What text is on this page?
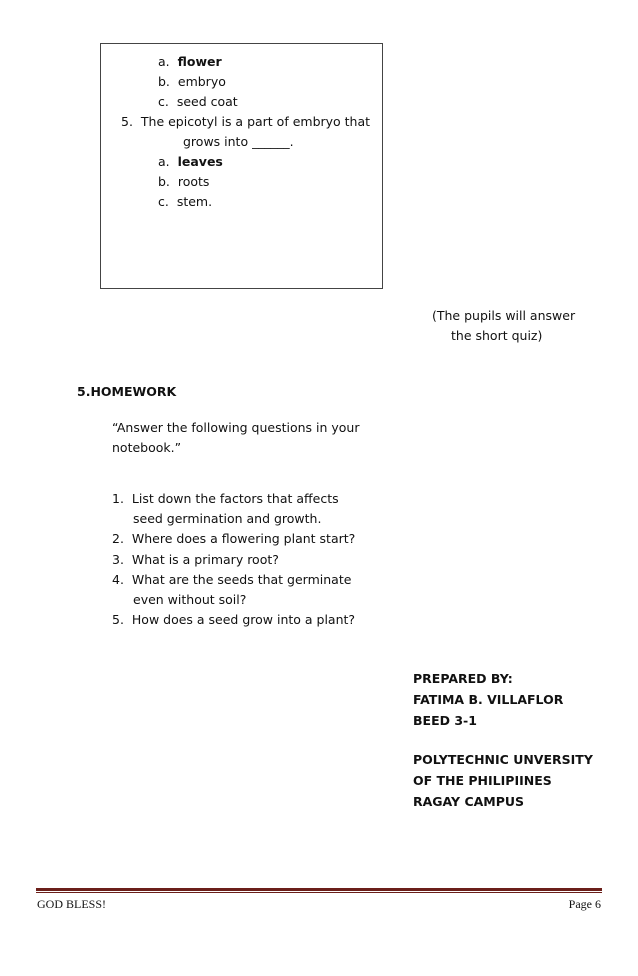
a. flower
b. embryo
c. seed coat
5. The epicotyl is a part of embryo that
grows into ______.
a. leaves
b. roots
c. stem.
(The pupils will answer
the short quiz)
5.HOMEWORK
“Answer the following questions in your
notebook.”
1. List down the factors that affects
seed germination and growth.
2. Where does a flowering plant start?
3. What is a primary root?
4. What are the seeds that germinate
even without soil?
5. How does a seed grow into a plant?
PREPARED BY:
FATIMA B. VILLAFLOR
BEED 3-1
POLYTECHNIC UNVERSITY
OF THE PHILIPIINES
RAGAY CAMPUS
GOD BLESS!	Page 6
